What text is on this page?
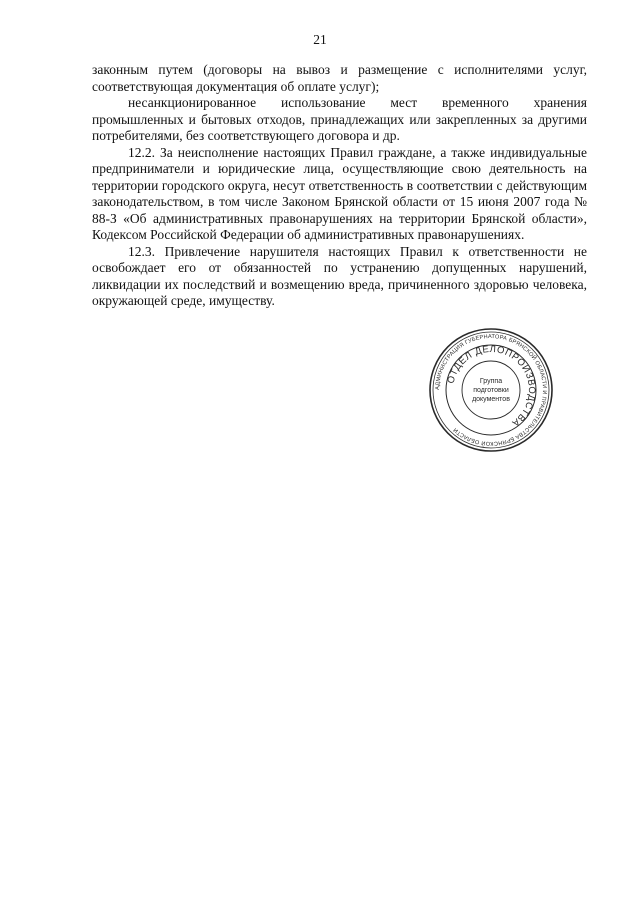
21

законным путем (договоры на вывоз и размещение с исполнителями услуг, соответствующая документация об оплате услуг);

несанкционированное использование мест временного хранения промышленных и бытовых отходов, принадлежащих или закрепленных за другими потребителями, без соответствующего договора и др.

12.2. За неисполнение настоящих Правил граждане, а также индивидуальные предприниматели и юридические лица, осуществляющие свою деятельность на территории городского округа, несут ответственность в соответствии с действующим законодательством, в том числе Законом Брянской области от 15 июня 2007 года № 88-З «Об административных правонарушениях на территории Брянской области», Кодексом Российской Федерации об административных правонарушениях.

12.3. Привлечение нарушителя настоящих Правил к ответственности не освобождает его от обязанностей по устранению допущенных нарушений, ликвидации их последствий и возмещению вреда, причиненного здоровью человека, окружающей среде, имуществу.

АДМИНИСТРАЦИЯ ГУБЕРНАТОРА БРЯНСКОЙ ОБЛАСТИ И ПРАВИТЕЛЬСТВА БРЯНСКОЙ ОБЛАСТИ
ОТДЕЛ ДЕЛОПРОИЗВОДСТВА
Группа
подготовки
документов
